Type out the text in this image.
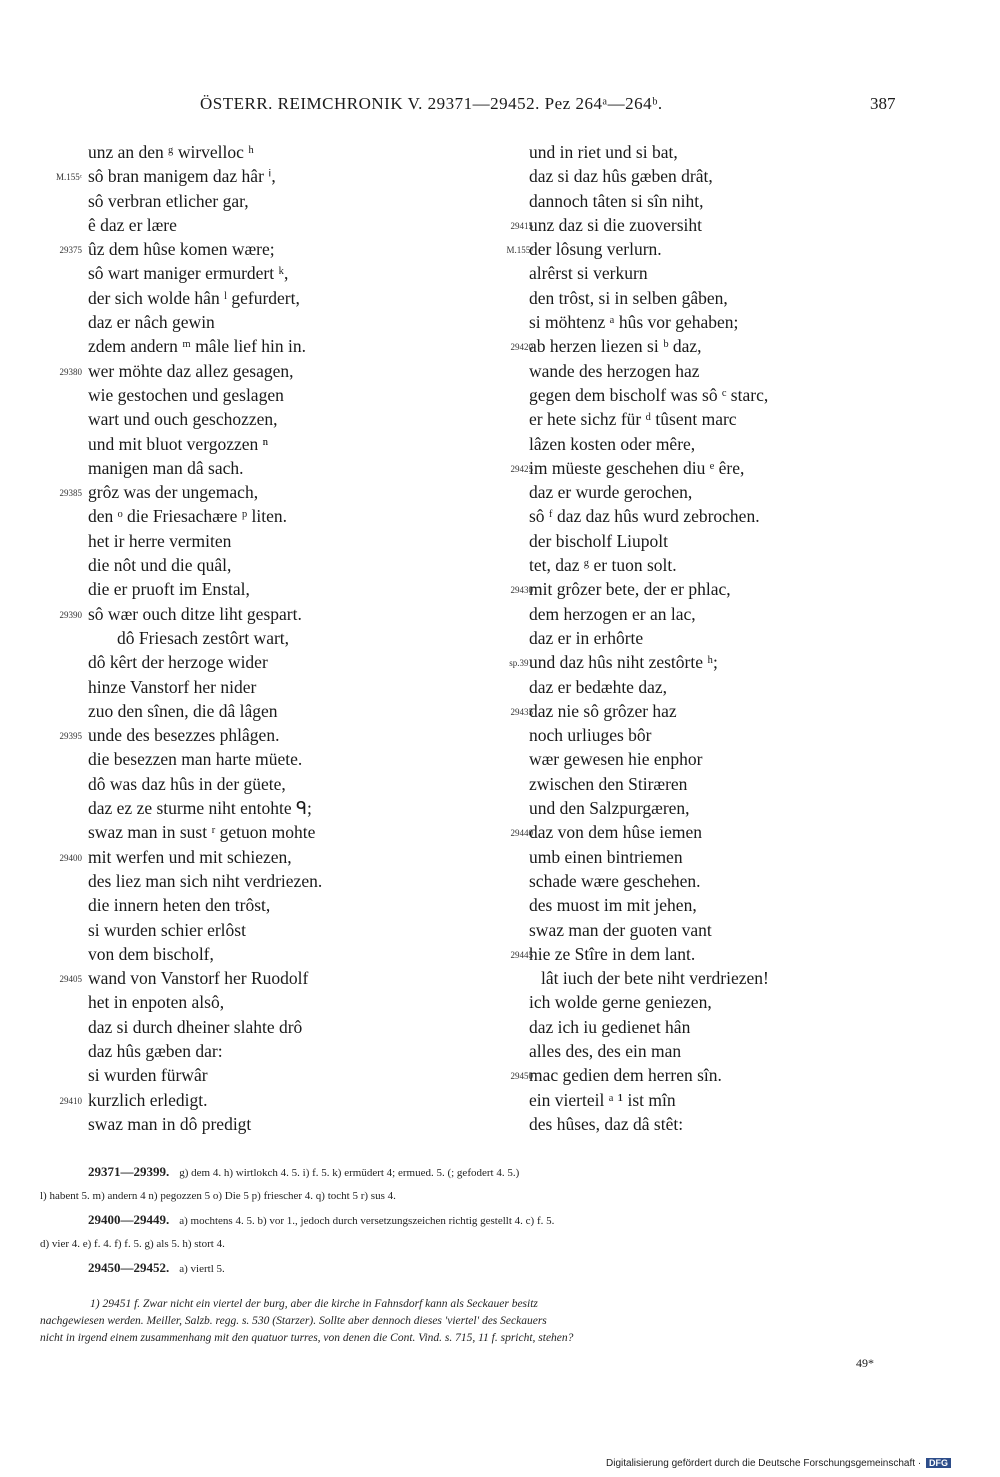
ÖSTERR. REIMCHRONIK V. 29371—29452. Pez 264ᵃ—264ᵇ.	387
unz an den ᵍ wirvelloc ʰ
M.155ᶜ sô bran manigem daz hâr ⁱ,
sô verbran etlicher gar,
ê daz er lære
29375 ûz dem hûse komen wære;
sô wart maniger ermurdert ᵏ,
der sich wolde hân ˡ gefurdert,
daz er nâch gewin
zdem andern ᵐ mâle lief hin in.
29380 wer möhte daz allez gesagen,
wie gestochen und geslagen
wart und ouch geschozzen,
und mit bluot vergozzen ⁿ
manigen man dâ sach.
29385 grôz was der ungemach,
den ᵒ die Friesachære ᵖ liten.
het ir herre vermiten
die nôt und die quâl,
die er pruoft im Enstal,
29390 sô wær ouch ditze liht gespart.
dô Friesach zestôrt wart,
dô kêrt der herzoge wider
hinze Vanstorf her nider
zuo den sînen, die dâ lâgen
29395 unde des besezzes phlâgen.
die besezzen man harte müete.
dô was daz hûs in der güete,
daz ez ze sturme niht entohte ᑫ;
swaz man in sust ʳ getuon mohte
29400 mit werfen und mit schiezen,
des liez man sich niht verdriezen.
die innern heten den trôst,
si wurden schier erlôst
von dem bischolf,
29405 wand von Vanstorf her Ruodolf
het in enpoten alsô,
daz si durch dheiner slahte drô
daz hûs gæben dar:
si wurden fürwâr
29410 kurzlich erledigt.
swaz man in dô predigt
und in riet und si bat,
daz si daz hûs gæben drât,
dannoch tâten si sîn niht,
29415
unz daz si die zuoversiht
M.155ᵈ
der lôsung verlurn.
alrêrst si verkurn
den trôst, si in selben gâben,
si möhtenz ᵃ hûs vor gehaben;
29420
ab herzen liezen si ᵇ daz,
wande des herzogen haz
gegen dem bischolf was sô ᶜ starc,
er hete sichz für ᵈ tûsent marc
lâzen kosten oder mêre,
29425
im müeste geschehen diu ᵉ êre,
daz er wurde gerochen,
sô ᶠ daz daz hûs wurd zebrochen.
der bischolf Liupolt
tet, daz ᵍ er tuon solt.
29430
mit grôzer bete, der er phlac,
dem herzogen er an lac,
daz er in erhôrte
sp.391
und daz hûs niht zestôrte ʰ;
daz er bedæhte daz,
29435
daz nie sô grôzer haz
noch urliuges bôr
wær gewesen hie enphor
zwischen den Stiræren
und den Salzpurgæren,
29440
daz von dem hûse iemen
umb einen bintriemen
schade wære geschehen.
des muost im mit jehen,
swaz man der guoten vant
29445
hie ze Stîre in dem lant.
lât iuch der bete niht verdriezen!
ich wolde gerne geniezen,
daz ich iu gedienet hân
alles des, des ein man
29450
mac gedien dem herren sîn.
ein vierteil ᵃ ¹ ist mîn
des hûses, daz dâ stêt:
29371—29399. g) dem 4. h) wirtlokch 4. 5. i) f. 5. k) ermüdert 4; ermued. 5. (; gefodert 4. 5.)
l) habent 5. m) andern 4 n) pegozzen 5 o) Die 5 p) friescher 4. q) tocht 5 r) sus 4.
29400—29449. a) mochtens 4. 5. b) vor 1., jedoch durch versetzungszeichen richtig gestellt 4. c) f. 5.
d) vier 4. e) f. 4. f) f. 5. g) als 5. h) stort 4.
29450—29452. a) viertl 5.
1) 29451 f. Zwar nicht ein viertel der burg, aber die kirche in Fahnsdorf kann als Seckauer besitz
nachgewiesen werden. Meiller, Salzb. regg. s. 530 (Starzer). Sollte aber dennoch dieses 'viertel' des Seckauers
nicht in irgend einem zusammenhang mit den quatuor turres, von denen die Cont. Vind. s. 715, 11 f. spricht, stehen?
49*
Digitalisierung gefördert durch die Deutsche Forschungsgemeinschaft · DFG
